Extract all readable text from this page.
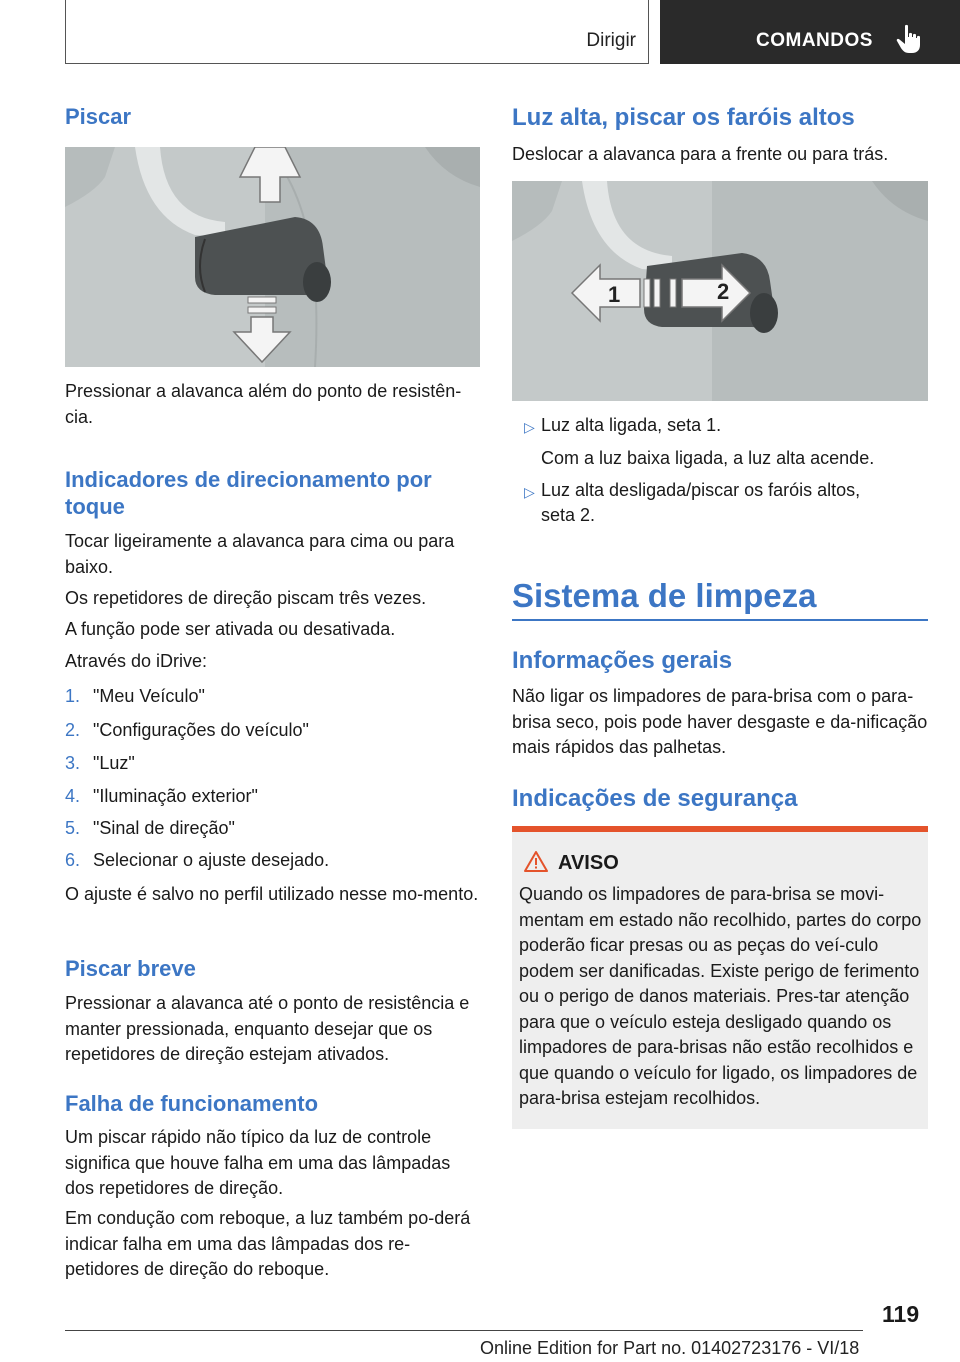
Dirigir	COMANDOS
Piscar
Pressionar a alavanca além do ponto de resistên-cia.
Indicadores de direcionamento por toque
Tocar ligeiramente a alavanca para cima ou para baixo.
Os repetidores de direção piscam três vezes.
A função pode ser ativada ou desativada.
Através do iDrive:
1. "Meu Veículo"
2. "Configurações do veículo"
3. "Luz"
4. "Iluminação exterior"
5. "Sinal de direção"
6. Selecionar o ajuste desejado.
O ajuste é salvo no perfil utilizado nesse mo-mento.
Piscar breve
Pressionar a alavanca até o ponto de resistência e manter pressionada, enquanto desejar que os repetidores de direção estejam ativados.
Falha de funcionamento
Um piscar rápido não típico da luz de controle significa que houve falha em uma das lâmpadas dos repetidores de direção.
Em condução com reboque, a luz também po-derá indicar falha em uma das lâmpadas dos re-petidores de direção do reboque.
Luz alta, piscar os faróis altos
Deslocar a alavanca para a frente ou para trás.
1	2
▷ Luz alta ligada, seta 1.
Com a luz baixa ligada, a luz alta acende.
▷ Luz alta desligada/piscar os faróis altos,
seta 2.
Sistema de limpeza
Informações gerais
Não ligar os limpadores de para-brisa com o para-brisa seco, pois pode haver desgaste e da-nificação mais rápidos das palhetas.
Indicações de segurança
AVISO
Quando os limpadores de para-brisa se movi-mentam em estado não recolhido, partes do corpo poderão ficar presas ou as peças do veí-culo podem ser danificadas. Existe perigo de ferimento ou o perigo de danos materiais. Pres-tar atenção para que o veículo esteja desligado quando os limpadores de para-brisas não estão recolhidos e que quando o veículo for ligado, os limpadores de para-brisa estejam recolhidos.
119
Online Edition for Part no. 01402723176 - VI/18
